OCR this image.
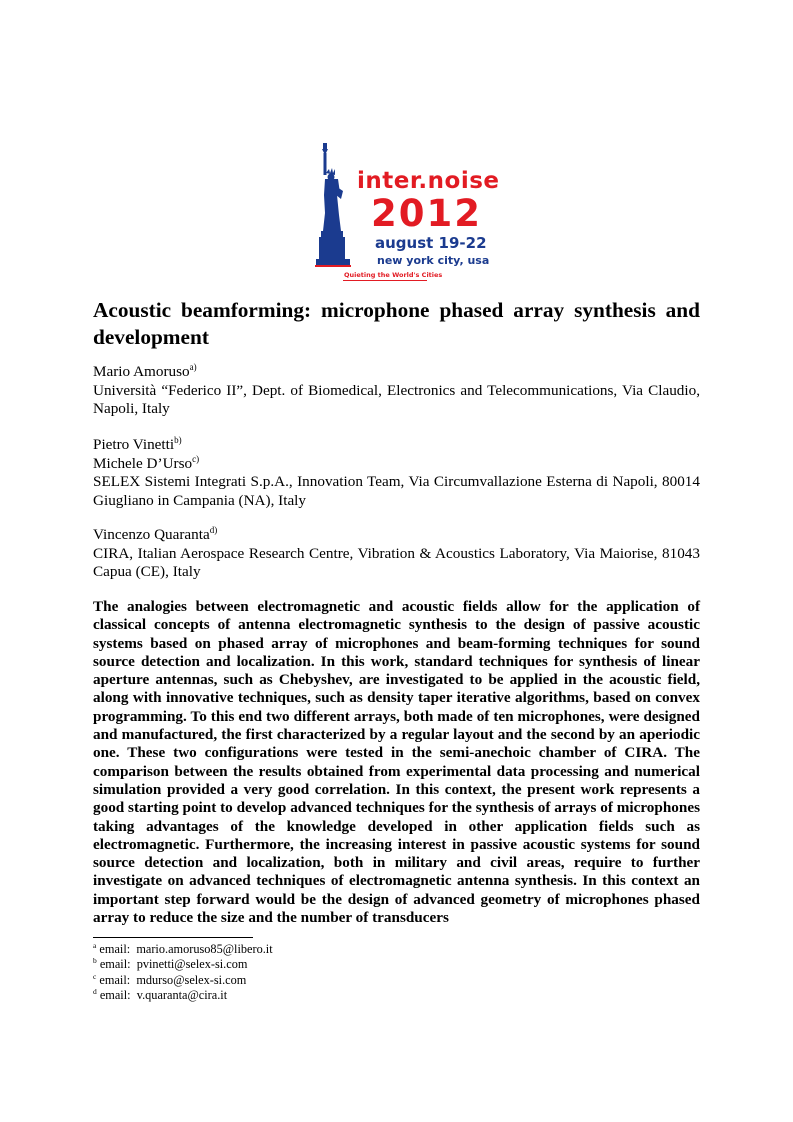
inter.noise
2012
august 19-22
new york city, usa
Quieting the World's Cities
Acoustic beamforming: microphone phased array synthesis and development

Mario Amoruso$^{a)}$

Università “Federico II”, Dept. of Biomedical, Electronics and Telecommunications, Via Claudio, Napoli, Italy

Pietro Vinetti$^{b)}$

Michele D’Urso$^{c)}$

SELEX Sistemi Integrati S.p.A., Innovation Team, Via Circumvallazione Esterna di Napoli, 80014 Giugliano in Campania (NA), Italy

Vincenzo Quaranta$^{d)}$

CIRA, Italian Aerospace Research Centre, Vibration & Acoustics Laboratory, Via Maiorise, 81043 Capua (CE), Italy

The analogies between electromagnetic and acoustic fields allow for the application of classical concepts of antenna electromagnetic synthesis to the design of passive acoustic systems based on phased array of microphones and beam-forming techniques for sound source detection and localization. In this work, standard techniques for synthesis of linear aperture antennas, such as Chebyshev, are investigated to be applied in the acoustic field, along with innovative techniques, such as density taper iterative algorithms, based on convex programming. To this end two different arrays, both made of ten microphones, were designed and manufactured, the first characterized by a regular layout and the second by an aperiodic one. These two configurations were tested in the semi-anechoic chamber of CIRA. The comparison between the results obtained from experimental data processing and numerical simulation provided a very good correlation. In this context, the present work represents a good starting point to develop advanced techniques for the synthesis of arrays of microphones taking advantages of the knowledge developed in other application fields such as electromagnetic. Furthermore, the increasing interest in passive acoustic systems for sound source detection and localization, both in military and civil areas, require to further investigate on advanced techniques of electromagnetic antenna synthesis. In this context an important step forward would be the design of advanced geometry of microphones phased array to reduce the size and the number of transducers

$^a$ email: mario.amoruso85@libero.it
$^b$ email: pvinetti@selex-si.com
$^c$ email: mdurso@selex-si.com
$^d$ email: v.quaranta@cira.it
